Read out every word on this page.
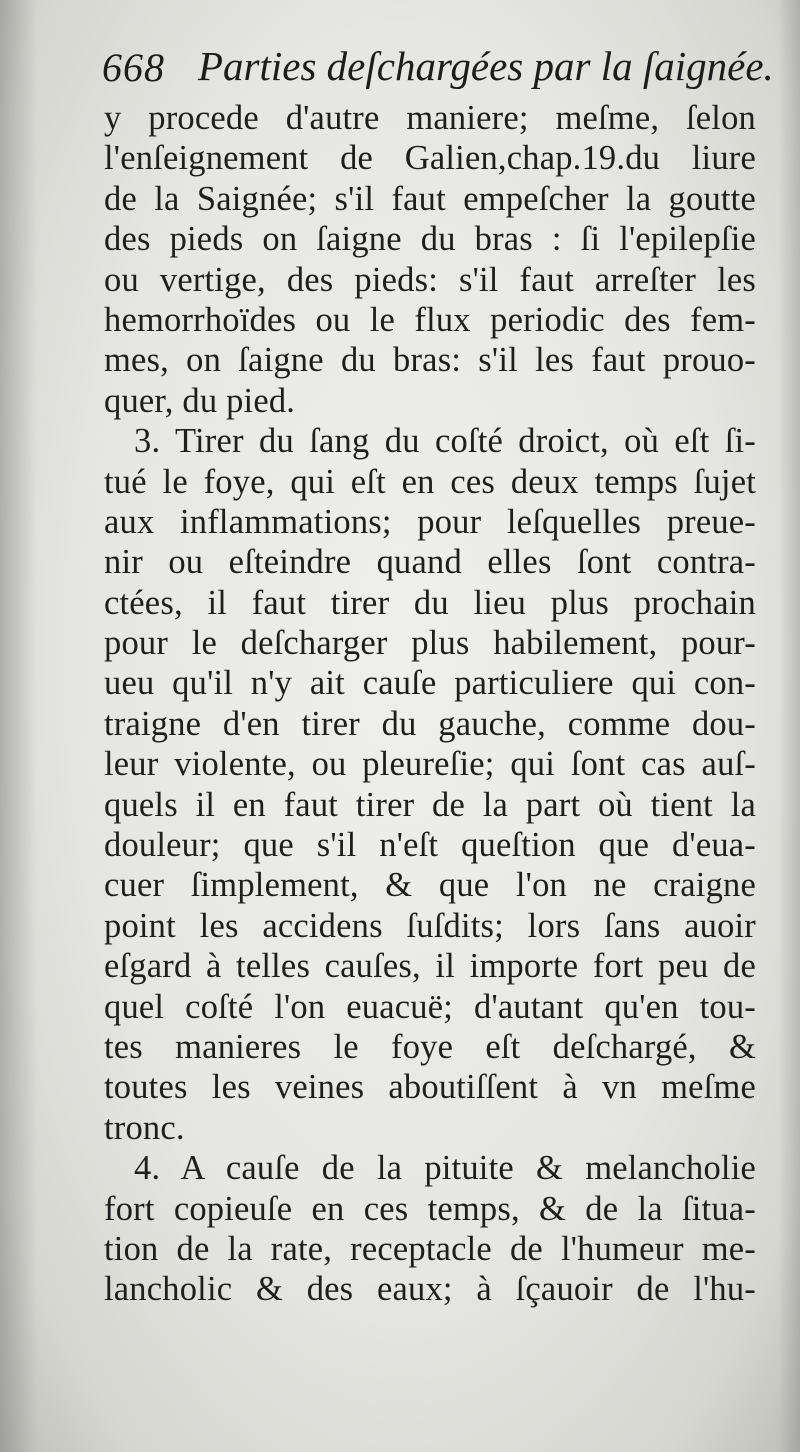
668 Parties deſchargées par la ſaignée.
y procede d'autre maniere; meſme, ſelon
l'enſeignement de Galien,chap.19.du liure
de la Saignée; s'il faut empeſcher la goutte
des pieds on ſaigne du bras : ſi l'epilepſie
ou vertige, des pieds: s'il faut arreſter les
hemorrhoïdes ou le flux periodic des fem-
mes, on ſaigne du bras: s'il les faut prouo-
quer, du pied.
3. Tirer du ſang du coſté droict, où eſt ſi-
tué le foye, qui eſt en ces deux temps ſujet
aux inflammations; pour leſquelles preue-
nir ou eſteindre quand elles ſont contra-
ctées, il faut tirer du lieu plus prochain
pour le deſcharger plus habilement, pour-
ueu qu'il n'y ait cauſe particuliere qui con-
traigne d'en tirer du gauche, comme dou-
leur violente, ou pleureſie; qui ſont cas auſ-
quels il en faut tirer de la part où tient la
douleur; que s'il n'eſt queſtion que d'eua-
cuer ſimplement, & que l'on ne craigne
point les accidens ſuſdits; lors ſans auoir
eſgard à telles cauſes, il importe fort peu de
quel coſté l'on euacuë; d'autant qu'en tou-
tes manieres le foye eſt deſchargé, &
toutes les veines aboutiſſent à vn meſme
tronc.
4. A cauſe de la pituite & melancholie
fort copieuſe en ces temps, & de la ſitua-
tion de la rate, receptacle de l'humeur me-
lancholic & des eaux; à ſçauoir de l'hu-
